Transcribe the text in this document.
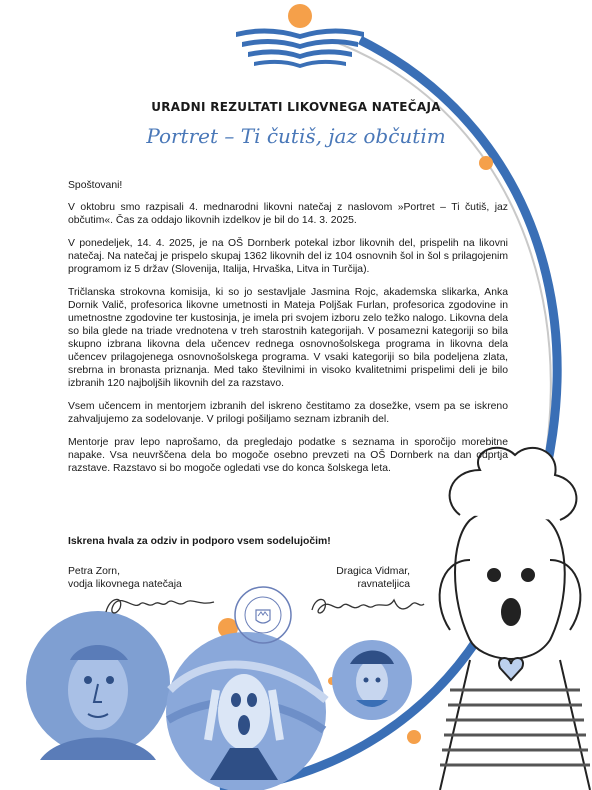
URADNI REZULTATI LIKOVNEGA NATEČAJA
Portret – Ti čutiš, jaz občutim

Spoštovani!

V oktobru smo razpisali 4. mednarodni likovni natečaj z naslovom »Portret – Ti čutiš, jaz občutim«. Čas za oddajo likovnih izdelkov je bil do 14. 3. 2025.

V ponedeljek, 14. 4. 2025, je na OŠ Dornberk potekal izbor likovnih del, prispelih na likovni natečaj. Na natečaj je prispelo skupaj 1362 likovnih del iz 104 osnovnih šol in šol s prilagojenim programom iz 5 držav (Slovenija, Italija, Hrvaška, Litva in Turčija).

Tričlanska strokovna komisija, ki so jo sestavljale Jasmina Rojc, akademska slikarka, Anka Dornik Valič, profesorica likovne umetnosti in Mateja Poljšak Furlan, profesorica zgodovine in umetnostne zgodovine ter kustosinja, je imela pri svojem izboru zelo težko nalogo. Likovna dela so bila glede na triade vrednotena v treh starostnih kategorijah. V posamezni kategoriji so bila skupno izbrana likovna dela učencev rednega osnovnošolskega programa in likovna dela učencev prilagojenega osnovnošolskega programa. V vsaki kategoriji so bila podeljena zlata, srebrna in bronasta priznanja. Med tako številnimi in visoko kvalitetnimi prispelimi deli je bilo izbranih 120 najboljših likovnih del za razstavo.

Vsem učencem in mentorjem izbranih del iskreno čestitamo za dosežke, vsem pa se iskreno zahvaljujemo za sodelovanje. V prilogi pošiljamo seznam izbranih del.

Mentorje prav lepo naprošamo, da pregledajo podatke s seznama in sporočijo morebitne napake. Vsa neuvrščena dela bo mogoče osebno prevzeti na OŠ Dornberk na dan odprtja razstave. Razstavo si bo mogoče ogledati vse do konca šolskega leta.

Iskrena hvala za odziv in podporo vsem sodelujočim!
Petra Zorn,
vodja likovnega natečaja
Dragica Vidmar,
ravnateljica
